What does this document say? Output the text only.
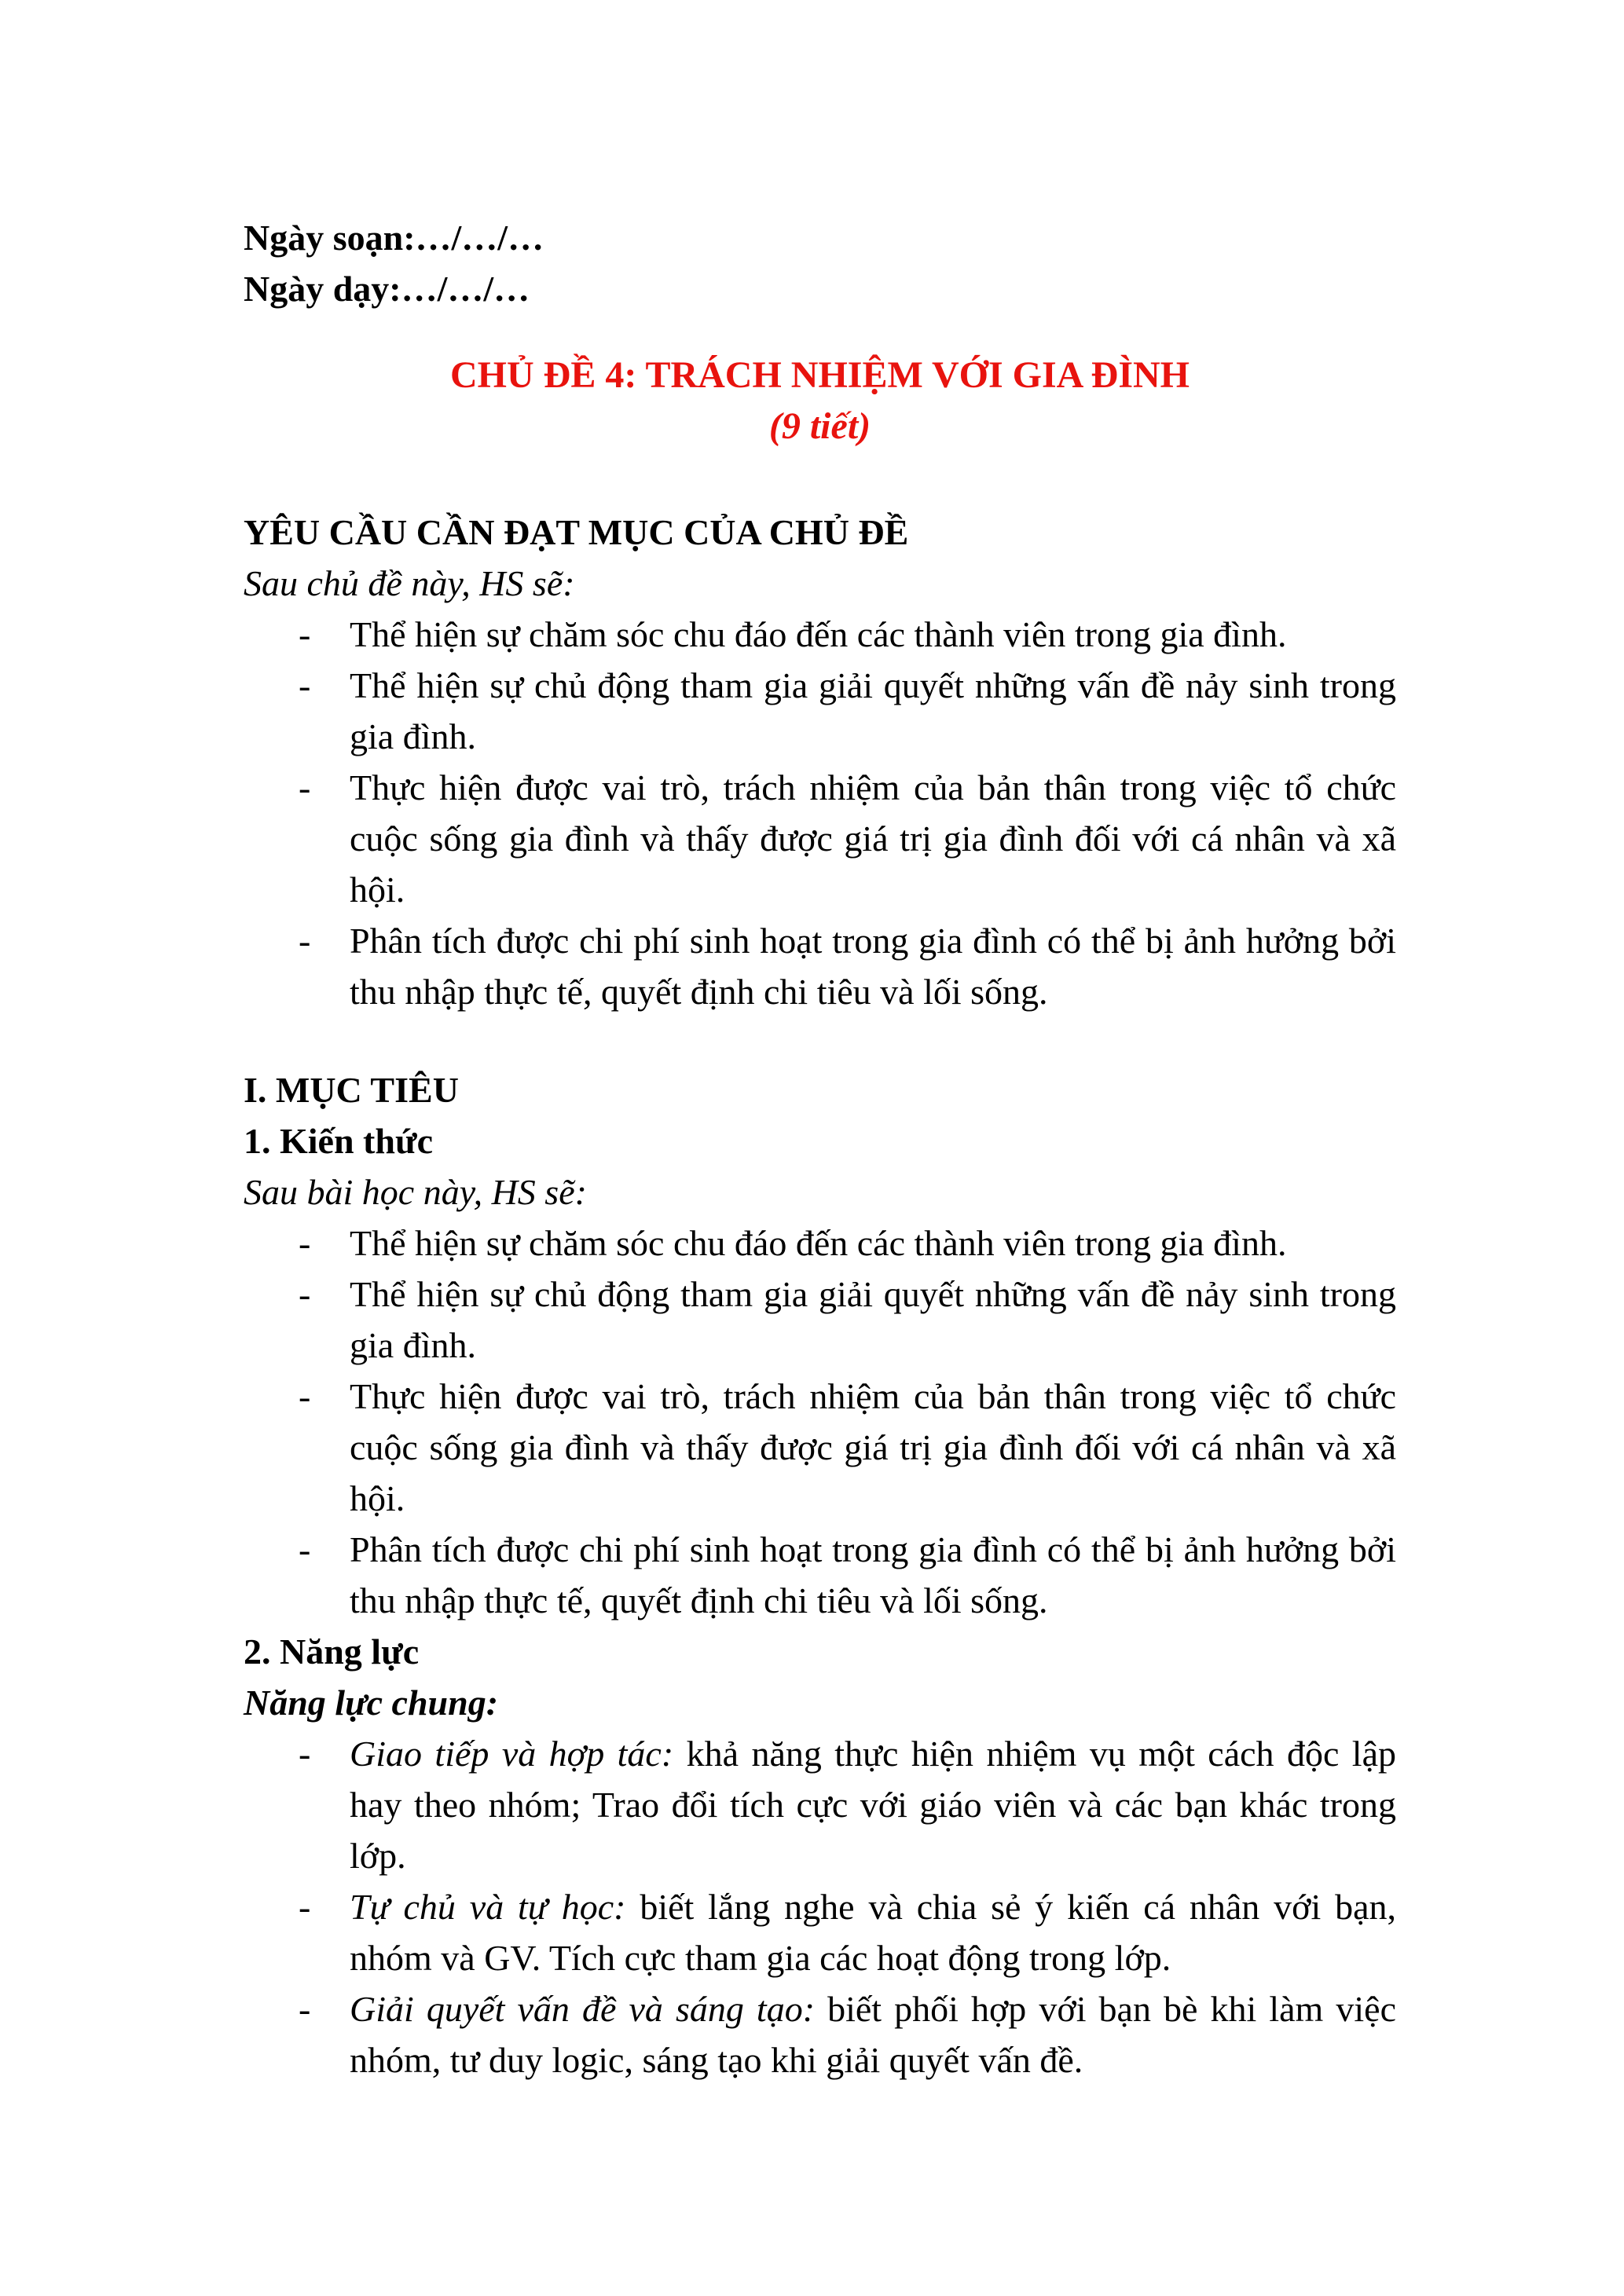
Ngày soạn:…/…/…

Ngày dạy:…/…/…

CHỦ ĐỀ 4: TRÁCH NHIỆM VỚI GIA ĐÌNH

(9 tiết)

YÊU CẦU CẦN ĐẠT MỤC CỦA CHỦ ĐỀ

Sau chủ đề này, HS sẽ:

-	Thể hiện sự chăm sóc chu đáo đến các thành viên trong gia đình.
-	Thể hiện sự chủ động tham gia giải quyết những vấn đề nảy sinh trong gia đình.
-	Thực hiện được vai trò, trách nhiệm của bản thân trong việc tổ chức cuộc sống gia đình và thấy được giá trị gia đình đối với cá nhân và xã hội.
-	Phân tích được chi phí sinh hoạt trong gia đình có thể bị ảnh hưởng bởi thu nhập thực tế, quyết định chi tiêu và lối sống.

I. MỤC TIÊU

1. Kiến thức

Sau bài học này, HS sẽ:

-	Thể hiện sự chăm sóc chu đáo đến các thành viên trong gia đình.
-	Thể hiện sự chủ động tham gia giải quyết những vấn đề nảy sinh trong gia đình.
-	Thực hiện được vai trò, trách nhiệm của bản thân trong việc tổ chức cuộc sống gia đình và thấy được giá trị gia đình đối với cá nhân và xã hội.
-	Phân tích được chi phí sinh hoạt trong gia đình có thể bị ảnh hưởng bởi thu nhập thực tế, quyết định chi tiêu và lối sống.

2. Năng lực

Năng lực chung:

-	Giao tiếp và hợp tác: khả năng thực hiện nhiệm vụ một cách độc lập hay theo nhóm; Trao đổi tích cực với giáo viên và các bạn khác trong lớp.
-	Tự chủ và tự học: biết lắng nghe và chia sẻ ý kiến cá nhân với bạn, nhóm và GV. Tích cực tham gia các hoạt động trong lớp.
-	Giải quyết vấn đề và sáng tạo: biết phối hợp với bạn bè khi làm việc nhóm, tư duy logic, sáng tạo khi giải quyết vấn đề.
